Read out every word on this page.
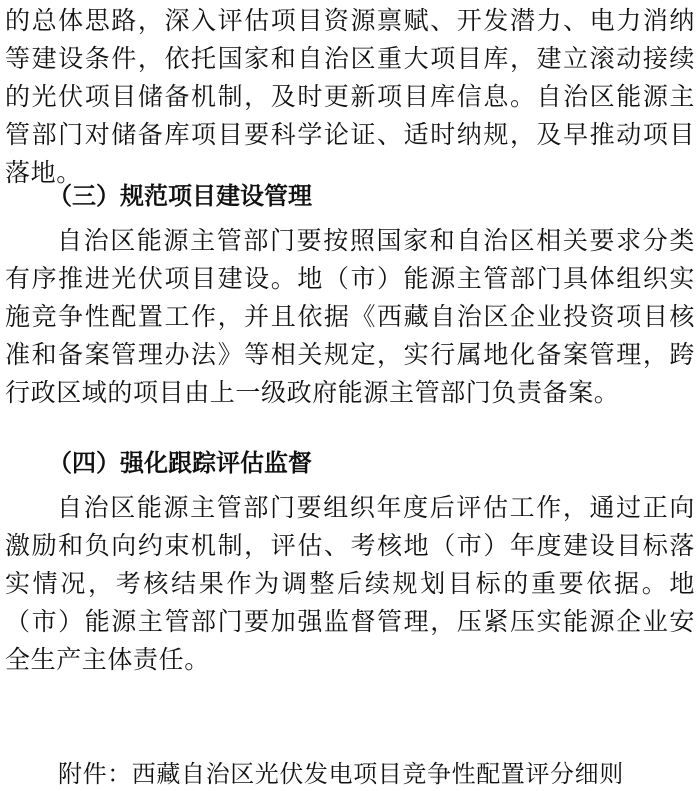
的总体思路，深入评估项目资源禀赋、开发潜力、电力消纳等建设条件，依托国家和自治区重大项目库，建立滚动接续的光伏项目储备机制，及时更新项目库信息。自治区能源主管部门对储备库项目要科学论证、适时纳规，及早推动项目落地。

（三）规范项目建设管理

自治区能源主管部门要按照国家和自治区相关要求分类有序推进光伏项目建设。地（市）能源主管部门具体组织实施竞争性配置工作，并且依据《西藏自治区企业投资项目核准和备案管理办法》等相关规定，实行属地化备案管理，跨行政区域的项目由上一级政府能源主管部门负责备案。

（四）强化跟踪评估监督

自治区能源主管部门要组织年度后评估工作，通过正向激励和负向约束机制，评估、考核地（市）年度建设目标落实情况，考核结果作为调整后续规划目标的重要依据。地（市）能源主管部门要加强监督管理，压紧压实能源企业安全生产主体责任。

附件：西藏自治区光伏发电项目竞争性配置评分细则
